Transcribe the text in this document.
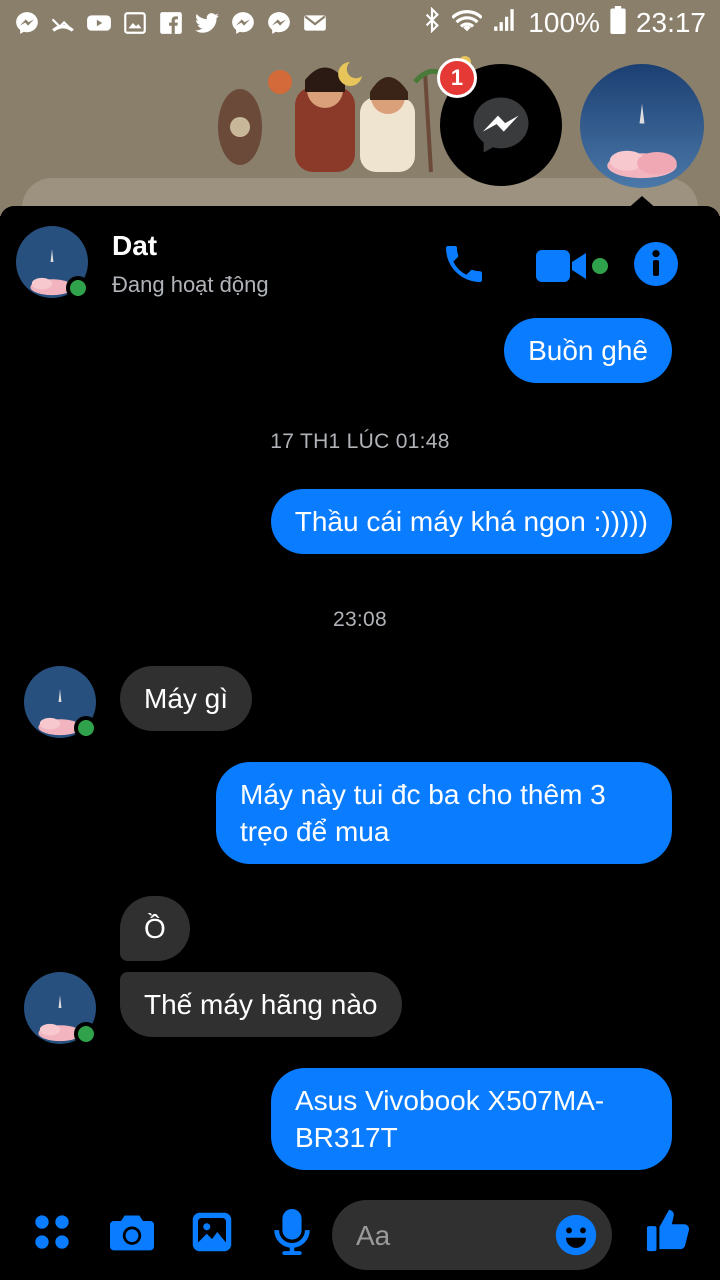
100% 23:17
1
Dat
Đang hoạt động
Buồn ghê
17 TH1 LÚC 01:48
Thầu cái máy khá ngon :)))))
23:08
Máy gì
Máy này tui đc ba cho thêm 3 trẹo để mua
Ồ
Thế máy hãng nào
Asus Vivobook X507MA-BR317T
Aa
